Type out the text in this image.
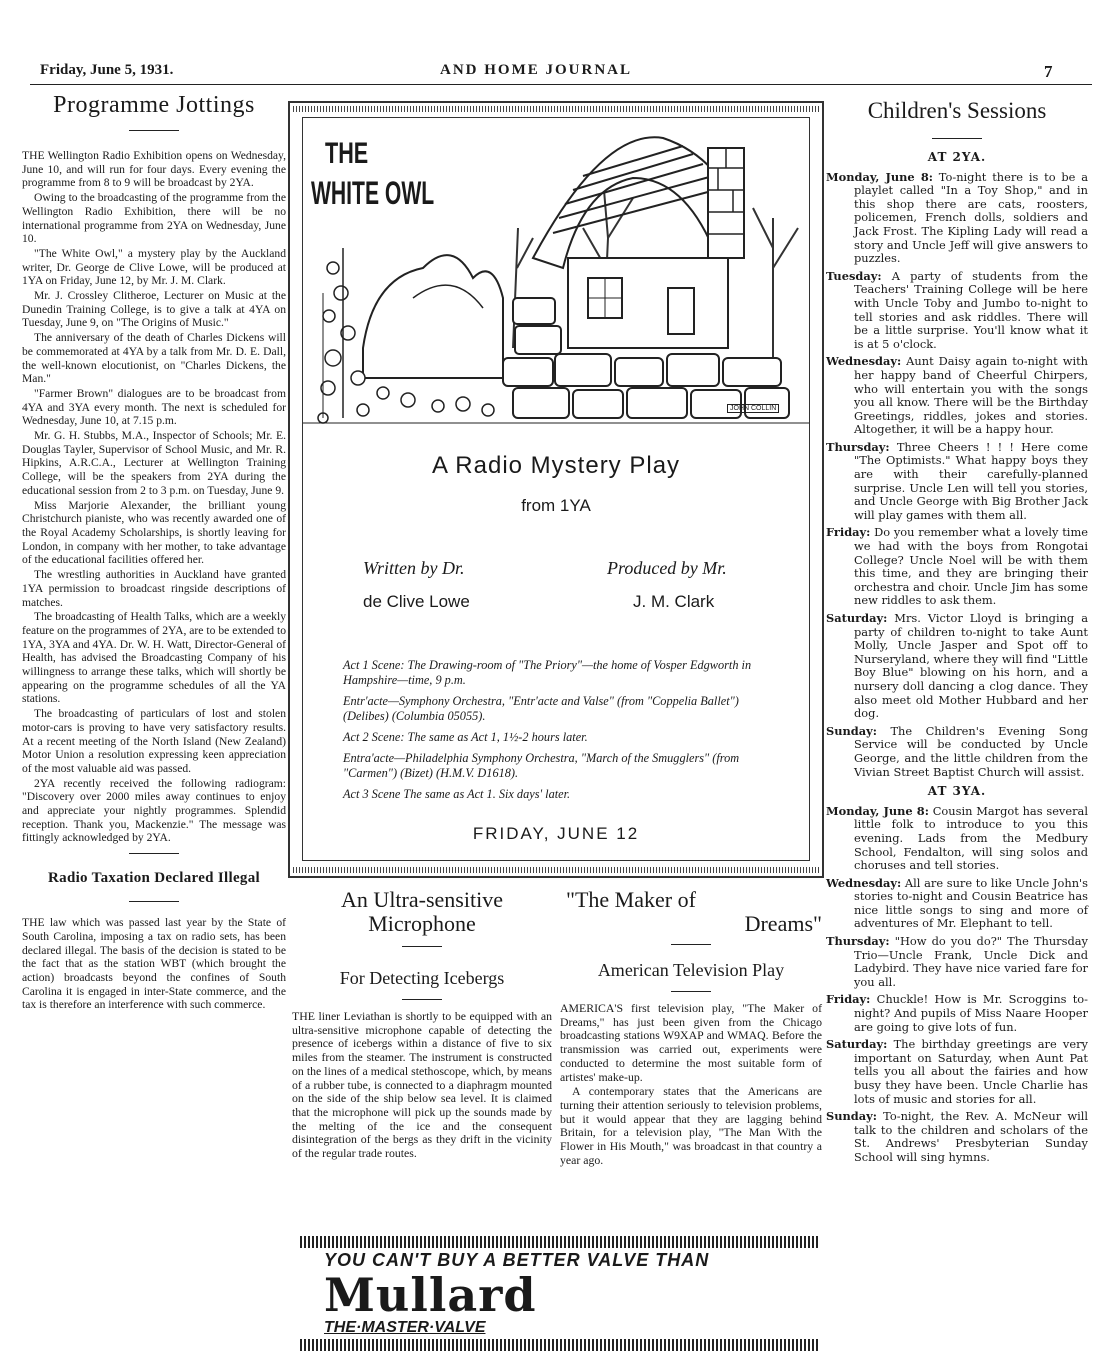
Friday, June 5, 1931.	AND HOME JOURNAL	7
Programme Jottings

THE Wellington Radio Exhibition opens on Wednesday, June 10, and will run for four days. Every evening the programme from 8 to 9 will be broadcast by 2YA.

Owing to the broadcasting of the programme from the Wellington Radio Exhibition, there will be no international programme from 2YA on Wednesday, June 10.

"The White Owl," a mystery play by the Auckland writer, Dr. George de Clive Lowe, will be produced at 1YA on Friday, June 12, by Mr. J. M. Clark.

Mr. J. Crossley Clitheroe, Lecturer on Music at the Dunedin Training College, is to give a talk at 4YA on Tuesday, June 9, on "The Origins of Music."

The anniversary of the death of Charles Dickens will be commemorated at 4YA by a talk from Mr. D. E. Dall, the well-known elocutionist, on "Charles Dickens, the Man."

"Farmer Brown" dialogues are to be broadcast from 4YA and 3YA every month. The next is scheduled for Wednesday, June 10, at 7.15 p.m.

Mr. G. H. Stubbs, M.A., Inspector of Schools; Mr. E. Douglas Tayler, Supervisor of School Music, and Mr. R. Hipkins, A.R.C.A., Lecturer at Wellington Training College, will be the speakers from 2YA during the educational session from 2 to 3 p.m. on Tuesday, June 9.

Miss Marjorie Alexander, the brilliant young Christchurch pianiste, who was recently awarded one of the Royal Academy Scholarships, is shortly leaving for London, in company with her mother, to take advantage of the educational facilities offered her.

The wrestling authorities in Auckland have granted 1YA permission to broadcast ringside descriptions of matches.

The broadcasting of Health Talks, which are a weekly feature on the programmes of 2YA, are to be extended to 1YA, 3YA and 4YA. Dr. W. H. Watt, Director-General of Health, has advised the Broadcasting Company of his willingness to arrange these talks, which will shortly be appearing on the programme schedules of all the YA stations.

The broadcasting of particulars of lost and stolen motor-cars is proving to have very satisfactory results. At a recent meeting of the North Island (New Zealand) Motor Union a resolution expressing keen appreciation of the most valuable aid was passed.

2YA recently received the following radiogram: "Discovery over 2000 miles away continues to enjoy and appreciate your nightly programmes. Splendid reception. Thank you, Mackenzie." The message was fittingly acknowledged by 2YA.

Radio Taxation Declared Illegal
THE law which was passed last year by the State of South Carolina, imposing a tax on radio sets, has been declared illegal. The basis of the decision is stated to be the fact that as the station WBT (which brought the action) broadcasts beyond the confines of South Carolina it is engaged in inter-State commerce, and the tax is therefore an interference with such commerce.
THE
WHITE OWL
JOHN COLLIN
A Radio Mystery Play
from 1YA
Written by Dr.
de Clive Lowe
Produced by Mr.
J. M. Clark
Act 1 Scene: The Drawing-room of "The Priory"—the home of Vosper Edgworth in Hampshire—time, 9 p.m.
Entr'acte—Symphony Orchestra, "Entr'acte and Valse" (from "Coppelia Ballet") (Delibes) (Columbia 05055).
Act 2 Scene: The same as Act 1, 1½-2 hours later.
Entra'acte—Philadelphia Symphony Orchestra, "March of the Smugglers" (from "Carmen") (Bizet) (H.M.V. D1618).
Act 3 Scene The same as Act 1. Six days' later.
FRIDAY, JUNE 12
An Ultra-sensitive Microphone
For Detecting Icebergs
THE liner Leviathan is shortly to be equipped with an ultra-sensitive microphone capable of detecting the presence of icebergs within a distance of five to six miles from the steamer. The instrument is constructed on the lines of a medical stethoscope, which, by means of a rubber tube, is connected to a diaphragm mounted on the side of the ship below sea level. It is claimed that the microphone will pick up the sounds made by the melting of the ice and the consequent disintegration of the bergs as they drift in the vicinity of the regular trade routes.
"The Maker of
Dreams"
American Television Play

AMERICA'S first television play, "The Maker of Dreams," has just been given from the Chicago broadcasting stations W9XAP and WMAQ. Before the transmission was carried out, experiments were conducted to determine the most suitable form of artistes' make-up.

A contemporary states that the Americans are turning their attention seriously to television problems, but it would appear that they are lagging behind Britain, for a television play, "The Man With the Flower in His Mouth," was broadcast in that country a year ago.

YOU CAN'T BUY A BETTER VALVE THAN
Mullard
THE·MASTER·VALVE
Children's Sessions
AT 2YA.
Monday, June 8: To-night there is to be a playlet called "In a Toy Shop," and in this shop there are cats, roosters, policemen, French dolls, soldiers and Jack Frost. The Kipling Lady will read a story and Uncle Jeff will give answers to puzzles.
Tuesday: A party of students from the Teachers' Training College will be here with Uncle Toby and Jumbo to-night to tell stories and ask riddles. There will be a little surprise. You'll know what it is at 5 o'clock.
Wednesday: Aunt Daisy again to-night with her happy band of Cheerful Chirpers, who will entertain you with the songs you all know. There will be the Birthday Greetings, riddles, jokes and stories. Altogether, it will be a happy hour.
Thursday: Three Cheers ! ! ! Here come "The Optimists." What happy boys they are with their carefully-planned surprise. Uncle Len will tell you stories, and Uncle George with Big Brother Jack will play games with them all.
Friday: Do you remember what a lovely time we had with the boys from Rongotai College? Uncle Noel will be with them this time, and they are bringing their orchestra and choir. Uncle Jim has some new riddles to ask them.
Saturday: Mrs. Victor Lloyd is bringing a party of children to-night to take Aunt Molly, Uncle Jasper and Spot off to Nurseryland, where they will find "Little Boy Blue" blowing on his horn, and a nursery doll dancing a clog dance. They also meet old Mother Hubbard and her dog.
Sunday: The Children's Evening Song Service will be conducted by Uncle George, and the little children from the Vivian Street Baptist Church will assist.
AT 3YA.
Monday, June 8: Cousin Margot has several little folk to introduce to you this evening. Lads from the Medbury School, Fendalton, will sing solos and choruses and tell stories.
Wednesday: All are sure to like Uncle John's stories to-night and Cousin Beatrice has nice little songs to sing and more of adventures of Mr. Elephant to tell.
Thursday: "How do you do?" The Thursday Trio—Uncle Frank, Uncle Dick and Ladybird. They have nice varied fare for you all.
Friday: Chuckle! How is Mr. Scroggins to-night? And pupils of Miss Naare Hooper are going to give lots of fun.
Saturday: The birthday greetings are very important on Saturday, when Aunt Pat tells you all about the fairies and how busy they have been. Uncle Charlie has lots of music and stories for all.
Sunday: To-night, the Rev. A. McNeur will talk to the children and scholars of the St. Andrews' Presbyterian Sunday School will sing hymns.
